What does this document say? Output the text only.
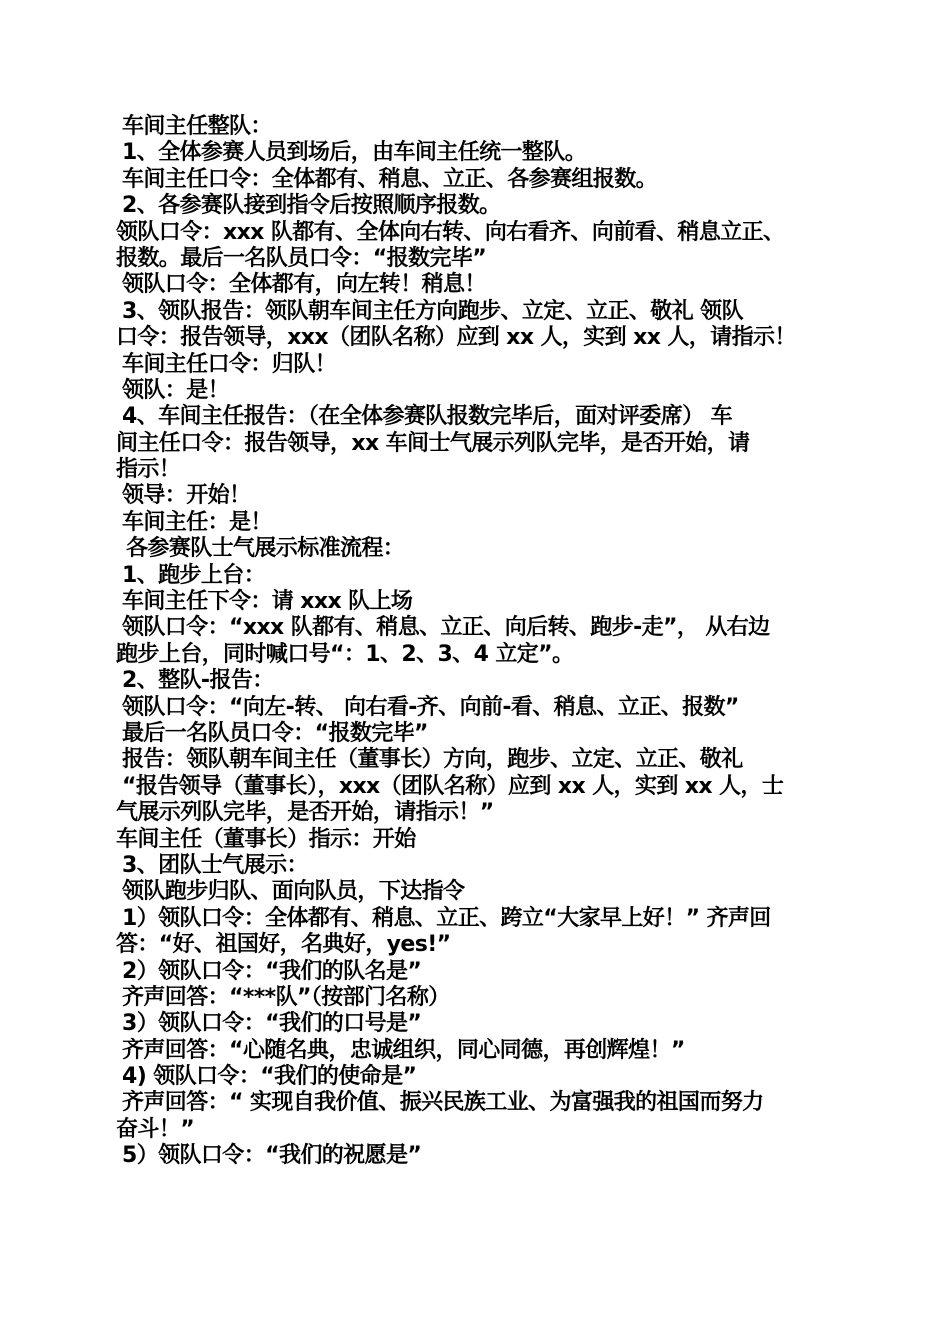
车间主任整队：
1、全体参赛人员到场后，由车间主任统一整队。
车间主任口令：全体都有、稍息、立正、各参赛组报数。
2、各参赛队接到指令后按照顺序报数。
领队口令：xxx 队都有、全体向右转、向右看齐、向前看、稍息立正、
报数。最后一名队员口令：“报数完毕”
领队口令：全体都有，向左转！稍息！
3、领队报告：领队朝车间主任方向跑步、立定、立正、敬礼 领队
口令：报告领导，xxx（团队名称）应到 xx 人，实到 xx 人，请指示！
车间主任口令：归队！
领队：是！
4、车间主任报告：（在全体参赛队报数完毕后，面对评委席） 车
间主任口令：报告领导，xx 车间士气展示列队完毕，是否开始，请
指示！
领导：开始！
车间主任：是！
各参赛队士气展示标准流程：
1、跑步上台：
车间主任下令：请 xxx 队上场
领队口令：“xxx 队都有、稍息、立正、向后转、跑步-走”， 从右边
跑步上台，同时喊口号“：1、2、3、4 立定”。
2、整队-报告：
领队口令：“向左-转、 向右看-齐、向前-看、稍息、立正、报数”
最后一名队员口令：“报数完毕”
报告：领队朝车间主任（董事长）方向，跑步、立定、立正、敬礼
“报告领导（董事长），xxx（团队名称）应到 xx 人，实到 xx 人，士
气展示列队完毕，是否开始，请指示！”
车间主任（董事长）指示：开始
3、团队士气展示：
领队跑步归队、面向队员，下达指令
1）领队口令：全体都有、稍息、立正、跨立“大家早上好！” 齐声回
答：“好、祖国好，名典好，yes!”
2）领队口令：“我们的队名是”
齐声回答：“***队”（按部门名称）
3）领队口令：“我们的口号是”
齐声回答：“心随名典，忠诚组织，同心同德，再创辉煌！”
4) 领队口令：“我们的使命是”
齐声回答：“ 实现自我价值、振兴民族工业、为富强我的祖国而努力
奋斗！”
5）领队口令：“我们的祝愿是”
